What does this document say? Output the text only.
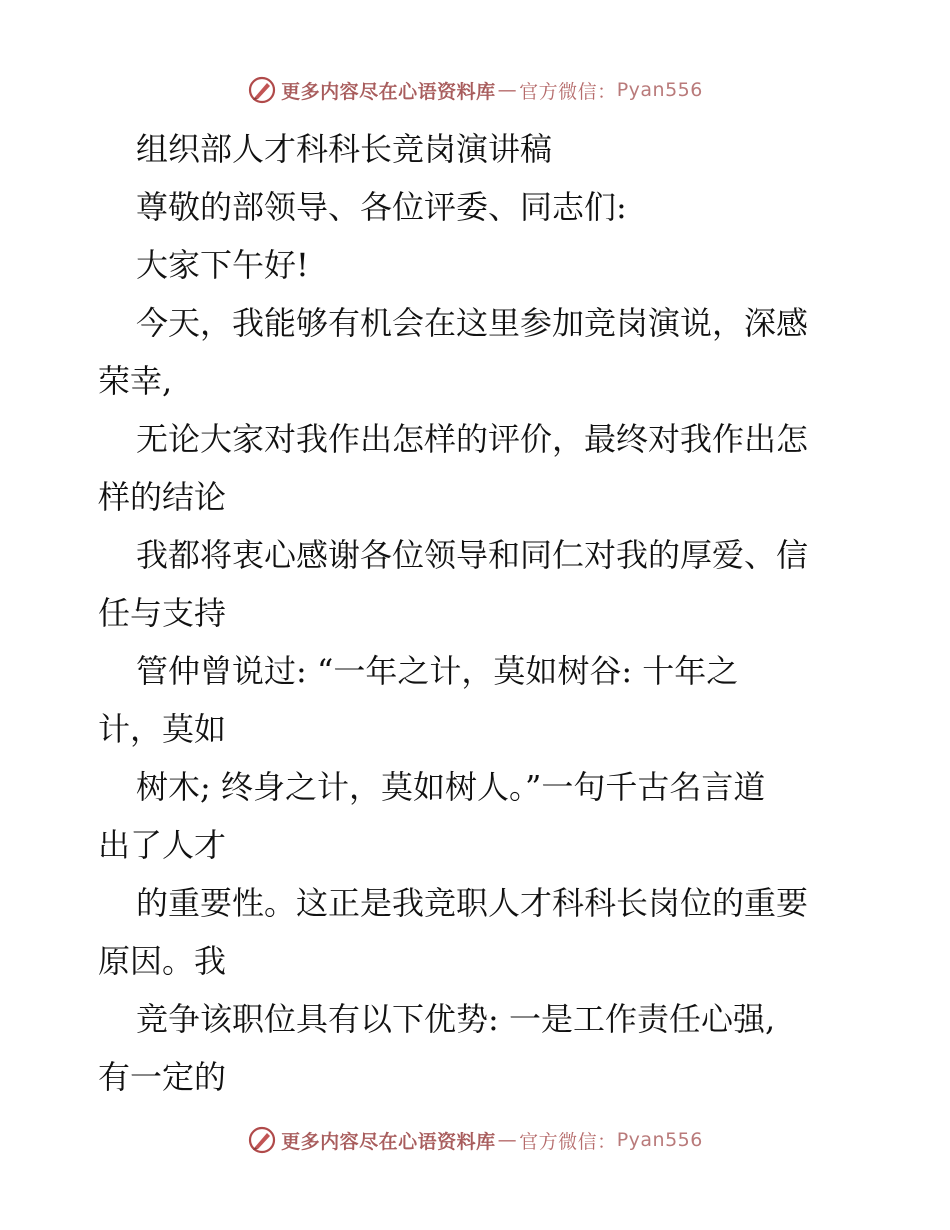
更多内容尽在心语资料库 — 官方微信： Pyan556
组织部人才科科长竞岗演讲稿
尊敬的部领导、各位评委、同志们:
大家下午好!
今天，我能够有机会在这里参加竞岗演说，深感
荣幸,
无论大家对我作出怎样的评价，最终对我作出怎
样的结论
我都将衷心感谢各位领导和同仁对我的厚爱、信
任与支持
管仲曾说过: “一年之计，莫如树谷: 十年之
计，莫如
树木; 终身之计，莫如树人。”一句千古名言道
出了人才
的重要性。这正是我竞职人才科科长岗位的重要
原因。我
竞争该职位具有以下优势: 一是工作责任心强,
有一定的
更多内容尽在心语资料库 — 官方微信： Pyan556
